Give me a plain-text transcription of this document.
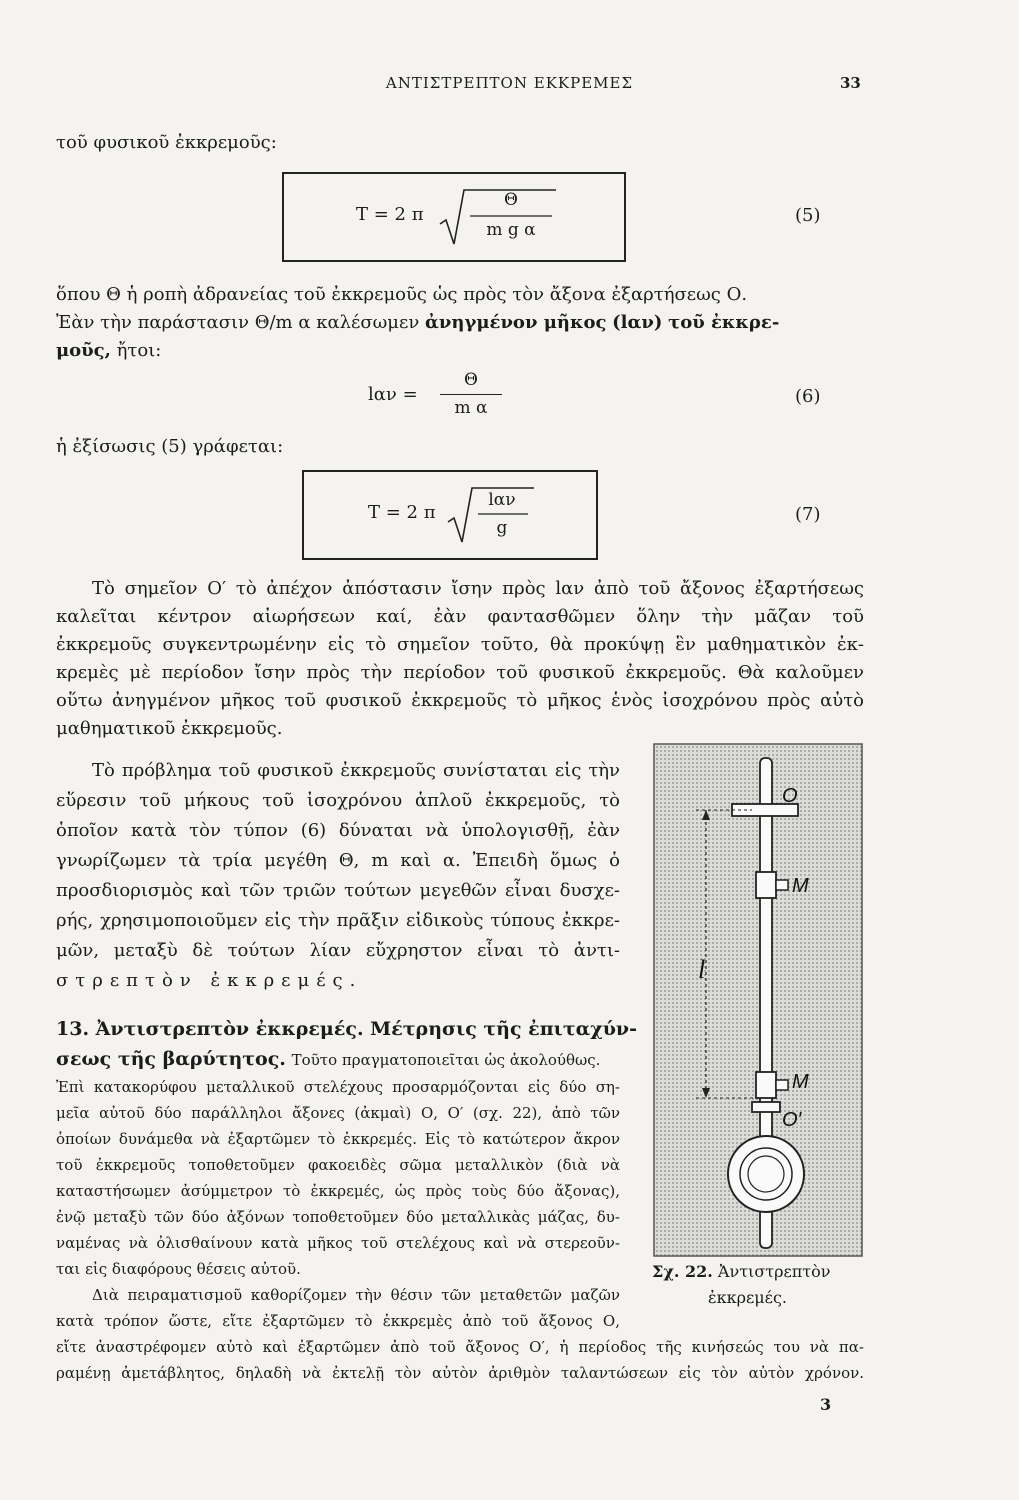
ΑΝΤΙΣΤΡΕΠΤΟΝ ΕΚΚΡΕΜΕΣ	33
τοῦ φυσικοῦ ἐκκρεμοῦς:
T = 2 π
Θ
m g α
(5)
ὅπου Θ ἡ ροπὴ ἀδρανείας τοῦ ἐκκρεμοῦς ὡς πρὸς τὸν ἄξονα ἐξαρτήσεως Ο.
Ἐὰν τὴν παράστασιν Θ/m α καλέσωμεν ἀνηγμένον μῆκος (lαν) τοῦ ἐκκρε-
μοῦς, ἤτοι:
lαν =
Θ
m α
(6)
ἡ ἐξίσωσις (5) γράφεται:
T = 2 π
lαν
g
(7)
Τὸ σημεῖον Ο′ τὸ ἀπέχον ἀπόστασιν ἴσην πρὸς lαν ἀπὸ τοῦ ἄξονος ἐξαρτήσεως
καλεῖται κέντρον αἰωρήσεων καί, ἐὰν φαντασθῶμεν ὅλην τὴν μᾶζαν τοῦ
ἐκκρεμοῦς συγκεντρωμένην εἰς τὸ σημεῖον τοῦτο, θὰ προκύψῃ ἓν μαθηματικὸν ἐκ-
κρεμὲς μὲ περίοδον ἴσην πρὸς τὴν περίοδον τοῦ φυσικοῦ ἐκκρεμοῦς. Θὰ καλοῦμεν
οὕτω ἀνηγμένον μῆκος τοῦ φυσικοῦ ἐκκρεμοῦς τὸ μῆκος ἑνὸς ἰσοχρόνου πρὸς αὐτὸ
μαθηματικοῦ ἐκκρεμοῦς.
Τὸ πρόβλημα τοῦ φυσικοῦ ἐκκρεμοῦς συνίσταται εἰς τὴν
εὕρεσιν τοῦ μήκους τοῦ ἰσοχρόνου ἁπλοῦ ἐκκρεμοῦς, τὸ
ὁποῖον κατὰ τὸν τύπον (6) δύναται νὰ ὑπολογισθῇ, ἐὰν
γνωρίζωμεν τὰ τρία μεγέθη Θ, m καὶ α. Ἐπειδὴ ὅμως ὁ
προσδιορισμὸς καὶ τῶν τριῶν τούτων μεγεθῶν εἶναι δυσχε-
ρής, χρησιμοποιοῦμεν εἰς τὴν πρᾶξιν εἰδικοὺς τύπους ἐκκρε-
μῶν, μεταξὺ δὲ τούτων λίαν εὔχρηστον εἶναι τὸ ἀντι-
στρεπτὸν ἐκκρεμές.
13. Ἀντιστρεπτὸν ἐκκρεμές. Μέτρησις τῆς ἐπιταχύν-
σεως τῆς βαρύτητος. Τοῦτο πραγματοποιεῖται ὡς ἀκολούθως.
Ἐπὶ κατακορύφου μεταλλικοῦ στελέχους προσαρμόζονται εἰς δύο ση-
μεῖα αὐτοῦ δύο παράλληλοι ἄξονες (ἀκμαὶ) Ο, Ο′ (σχ. 22), ἀπὸ τῶν
ὁποίων δυνάμεθα νὰ ἐξαρτῶμεν τὸ ἐκκρεμές. Εἰς τὸ κατώτερον ἄκρον
τοῦ ἐκκρεμοῦς τοποθετοῦμεν φακοειδὲς σῶμα μεταλλικὸν (διὰ νὰ
καταστήσωμεν ἀσύμμετρον τὸ ἐκκρεμές, ὡς πρὸς τοὺς δύο ἄξονας),
ἐνῷ μεταξὺ τῶν δύο ἀξόνων τοποθετοῦμεν δύο μεταλλικὰς μάζας, δυ-
ναμένας νὰ ὀλισθαίνουν κατὰ μῆκος τοῦ στελέχους καὶ νὰ στερεοῦν-
ται εἰς διαφόρους θέσεις αὐτοῦ.
Διὰ πειραματισμοῦ καθορίζομεν τὴν θέσιν τῶν μεταθετῶν μαζῶν
κατὰ τρόπον ὥστε, εἴτε ἐξαρτῶμεν τὸ ἐκκρεμὲς ἀπὸ τοῦ ἄξονος Ο,
εἴτε ἀναστρέφομεν αὐτὸ καὶ ἐξαρτῶμεν ἀπὸ τοῦ ἄξονος Ο′, ἡ περίοδος τῆς κινήσεώς του νὰ πα-
ραμένῃ ἀμετάβλητος, δηλαδὴ νὰ ἐκτελῇ τὸν αὐτὸν ἀριθμὸν ταλαντώσεων εἰς τὸν αὐτὸν χρόνον.
O
M
l
M
O′
Σχ. 22. Ἀντιστρεπτὸν
ἐκκρεμές.
3
